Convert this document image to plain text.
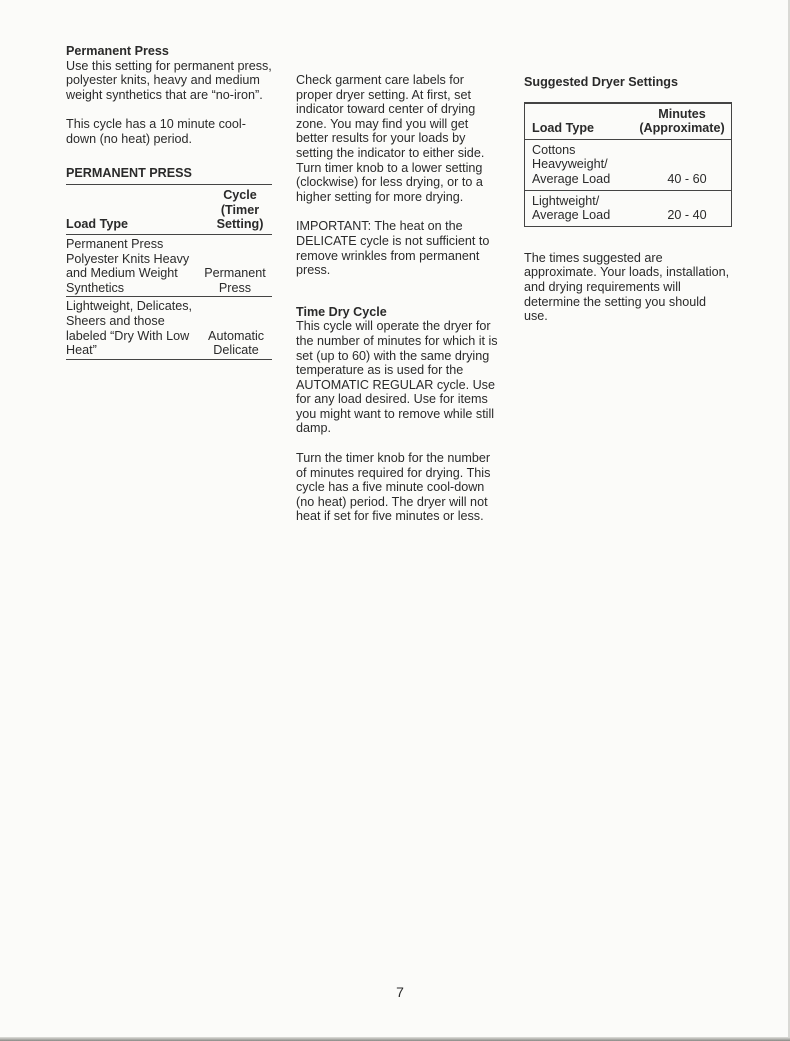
Permanent Press

Use this setting for permanent press, polyester knits, heavy and medium weight synthetics that are “no-iron”.

This cycle has a 10 minute cool-down (no heat) period.

PERMANENT PRESS

Load Type
Cycle (Timer Setting)
Permanent Press Polyester Knits Heavy and Medium Weight Synthetics
Permanent Press
Lightweight, Delicates, Sheers and those labeled “Dry With Low Heat”
Automatic Delicate

Check garment care labels for proper dryer setting. At first, set indicator toward center of drying zone. You may find you will get better results for your loads by setting the indicator to either side. Turn timer knob to a lower setting (clockwise) for less drying, or to a higher setting for more drying.

IMPORTANT: The heat on the DELICATE cycle is not sufficient to remove wrinkles from permanent press.

Time Dry Cycle

This cycle will operate the dryer for the number of minutes for which it is set (up to 60) with the same drying temperature as is used for the AUTOMATIC REGULAR cycle. Use for any load desired. Use for items you might want to remove while still damp.

Turn the timer knob for the number of minutes required for drying. This cycle has a five minute cool-down (no heat) period. The dryer will not heat if set for five minutes or less.

Suggested Dryer Settings

Load Type
Minutes (Approximate)
Cottons Heavyweight/ Average Load	40 - 60
Lightweight/ Average Load	20 - 40

The times suggested are approximate. Your loads, installation, and drying requirements will determine the setting you should use.

7
